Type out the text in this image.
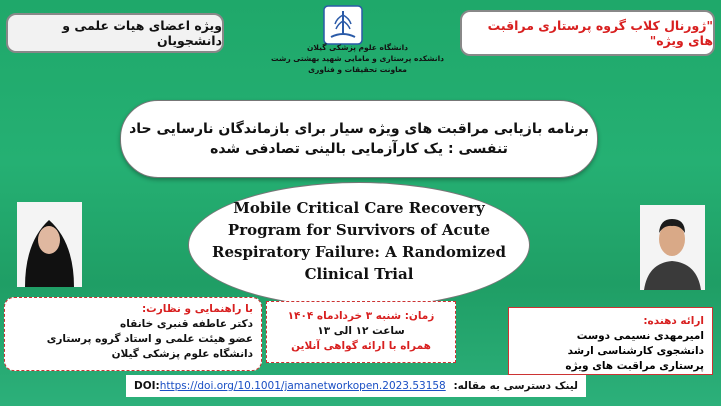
"ژورنال کلاب گروه پرستاری مراقبت های ویژه"
ویژه اعضای هیات علمی و دانشجویان	دانشگاه علوم پزشکی گیلان
دانشکده پرستاری و مامایی شهید بهشتی رشت
معاونت تحقیقات و فناوری
برنامه بازیابی مراقبت های ویژه سیار برای بازماندگان نارسایی حاد
تنفسی : یک کارآزمایی بالینی تصادفی شده
Mobile Critical Care Recovery
Program for Survivors of Acute
Respiratory Failure: A Randomized
Clinical Trial
با راهنمایی و نظارت:
دکتر عاطفه قنبری خانقاه
عضو هیئت علمی و استاد گروه پرستاری
دانشگاه علوم پزشکی گیلان
زمان: شنبه ۳ خردادماه ۱۴۰۴
ساعت ۱۲ الی ۱۳
همراه با ارائه گواهی آنلاین
ارائه دهنده:
امیرمهدی نسیمی دوست
دانشجوی کارشناسی ارشد
پرستاری مراقبت های ویژه
DOI:https://doi.org/10.1001/jamanetworkopen.2023.53158 لینک دسترسی به مقاله:
